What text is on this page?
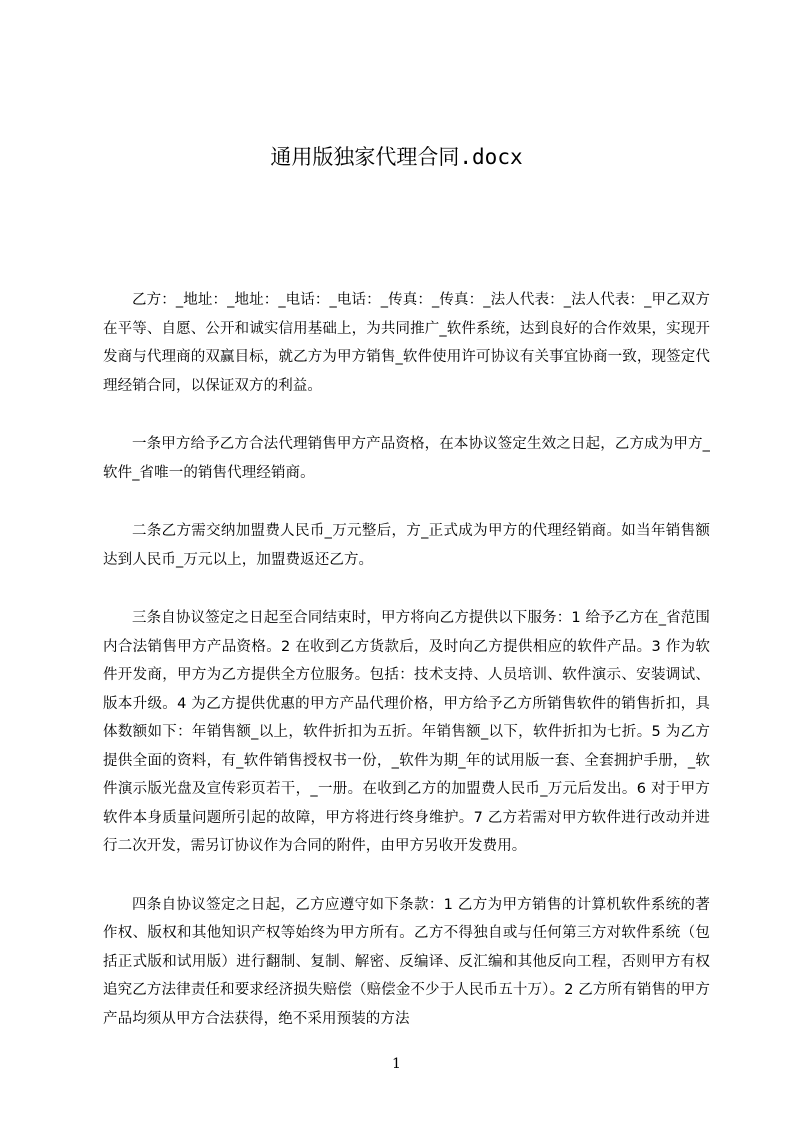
通用版独家代理合同.docx

乙方：_地址：_地址：_电话：_电话：_传真：_传真：_法人代表：_法人代表：_甲乙双方在平等、自愿、公开和诚实信用基础上，为共同推广_软件系统，达到良好的合作效果，实现开发商与代理商的双赢目标，就乙方为甲方销售_软件使用许可协议有关事宜协商一致，现签定代理经销合同，以保证双方的利益。

一条甲方给予乙方合法代理销售甲方产品资格，在本协议签定生效之日起，乙方成为甲方_软件_省唯一的销售代理经销商。

二条乙方需交纳加盟费人民币_万元整后，方_正式成为甲方的代理经销商。如当年销售额达到人民币_万元以上，加盟费返还乙方。

三条自协议签定之日起至合同结束时，甲方将向乙方提供以下服务：1 给予乙方在_省范围内合法销售甲方产品资格。2 在收到乙方货款后，及时向乙方提供相应的软件产品。3 作为软件开发商，甲方为乙方提供全方位服务。包括：技术支持、人员培训、软件演示、安装调试、版本升级。4 为乙方提供优惠的甲方产品代理价格，甲方给予乙方所销售软件的销售折扣，具体数额如下：年销售额_以上，软件折扣为五折。年销售额_以下，软件折扣为七折。5 为乙方提供全面的资料，有_软件销售授权书一份，_软件为期_年的试用版一套、全套拥护手册，_软件演示版光盘及宣传彩页若干，_一册。在收到乙方的加盟费人民币_万元后发出。6 对于甲方软件本身质量问题所引起的故障，甲方将进行终身维护。7 乙方若需对甲方软件进行改动并进行二次开发，需另订协议作为合同的附件，由甲方另收开发费用。

四条自协议签定之日起，乙方应遵守如下条款：1 乙方为甲方销售的计算机软件系统的著作权、版权和其他知识产权等始终为甲方所有。乙方不得独自或与任何第三方对软件系统（包括正式版和试用版）进行翻制、复制、解密、反编译、反汇编和其他反向工程，否则甲方有权追究乙方法律责任和要求经济损失赔偿（赔偿金不少于人民币五十万）。2 乙方所有销售的甲方产品均须从甲方合法获得，绝不采用预装的方法

1
